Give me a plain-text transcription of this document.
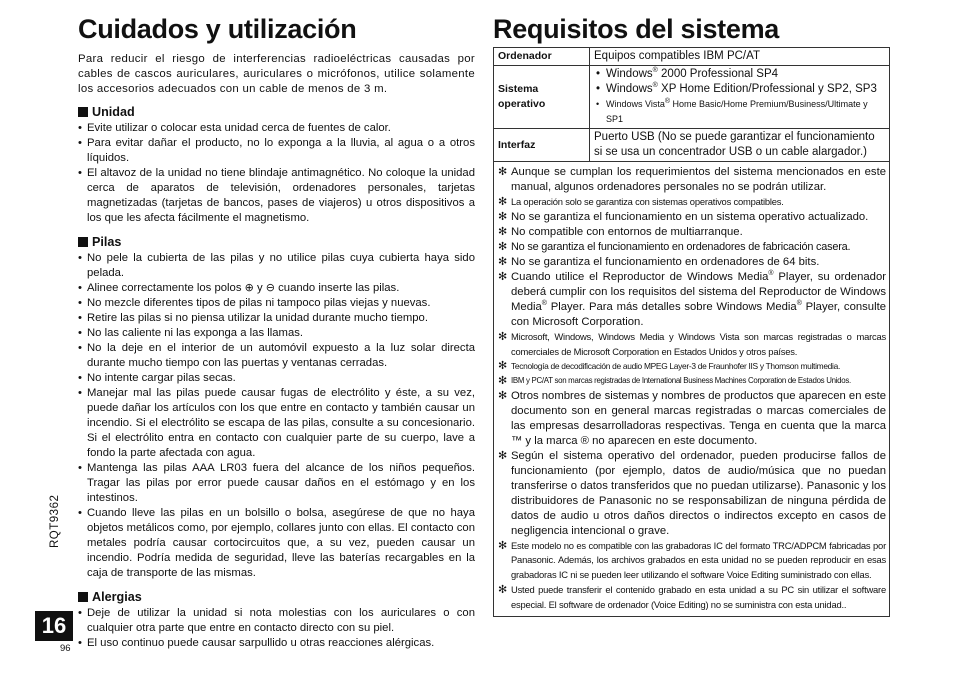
Cuidados y utilización

Para reducir el riesgo de interferencias radioeléctricas causadas por cables de cascos auriculares, auriculares o micrófonos, utilice solamente los accesorios adecuados con un cable de menos de 3 m.

Unidad
• Evite utilizar o colocar esta unidad cerca de fuentes de calor.
• Para evitar dañar el producto, no lo exponga a la lluvia, al agua o a otros líquidos.
• El altavoz de la unidad no tiene blindaje antimagnético. No coloque la unidad cerca de aparatos de televisión, ordenadores personales, tarjetas magnetizadas (tarjetas de bancos, pases de viajeros) u otros dispositivos a los que les afecta fácilmente el magnetismo.
Pilas
• No pele la cubierta de las pilas y no utilice pilas cuya cubierta haya sido pelada.
• Alinee correctamente los polos ⊕ y ⊖ cuando inserte las pilas.
• No mezcle diferentes tipos de pilas ni tampoco pilas viejas y nuevas.
• Retire las pilas si no piensa utilizar la unidad durante mucho tiempo.
• No las caliente ni las exponga a las llamas.
• No la deje en el interior de un automóvil expuesto a la luz solar directa durante mucho tiempo con las puertas y ventanas cerradas.
• No intente cargar pilas secas.
• Manejar mal las pilas puede causar fugas de electrólito y éste, a su vez, puede dañar los artículos con los que entre en contacto y también causar un incendio. Si el electrólito se escapa de las pilas, consulte a su concesionario. Si el electrólito entra en contacto con cualquier parte de su cuerpo, lave a fondo la parte afectada con agua.
• Mantenga las pilas AAA LR03 fuera del alcance de los niños pequeños. Tragar las pilas por error puede causar daños en el estómago y en los intestinos.
• Cuando lleve las pilas en un bolsillo o bolsa, asegúrese de que no haya objetos metálicos como, por ejemplo, collares junto con ellas. El contacto con metales podría causar cortocircuitos que, a su vez, pueden causar un incendio. Podría medida de seguridad, lleve las baterías recargables en la caja de transporte de las mismas.
Alergias
• Deje de utilizar la unidad si nota molestias con los auriculares o con cualquier otra parte que entre en contacto directo con su piel.
• El uso continuo puede causar sarpullido u otras reacciones alérgicas.
Requisitos del sistema
Ordenador	Equipos compatibles IBM PC/AT
Sistema operativo	• Windows® 2000 Professional SP4
• Windows® XP Home Edition/Professional y SP2, SP3
• Windows Vista® Home Basic/Home Premium/Business/Ultimate y SP1

Interfaz	Puerto USB (No se puede garantizar el funcionamiento si se usa un concentrador USB o un cable alargador.)
✻ Aunque se cumplan los requerimientos del sistema mencionados en este manual, algunos ordenadores personales no se podrán utilizar.
✻ La operación solo se garantiza con sistemas operativos compatibles.
✻ No se garantiza el funcionamiento en un sistema operativo actualizado.
✻ No compatible con entornos de multiarranque.
✻ No se garantiza el funcionamiento en ordenadores de fabricación casera.
✻ No se garantiza el funcionamiento en ordenadores de 64 bits.
✻ Cuando utilice el Reproductor de Windows Media® Player, su ordenador deberá cumplir con los requisitos del sistema del Reproductor de Windows Media® Player. Para más detalles sobre Windows Media® Player, consulte con Microsoft Corporation.
✻ Microsoft, Windows, Windows Media y Windows Vista son marcas registradas o marcas comerciales de Microsoft Corporation en Estados Unidos y otros países.
✻ Tecnología de decodificación de audio MPEG Layer-3 de Fraunhofer IIS y Thomson multimedia.
✻ IBM y PC/AT son marcas registradas de International Business Machines Corporation de Estados Unidos.
✻ Otros nombres de sistemas y nombres de productos que aparecen en este documento son en general marcas registradas o marcas comerciales de las empresas desarrolladoras respectivas. Tenga en cuenta que la marca ™ y la marca ® no aparecen en este documento.
✻ Según el sistema operativo del ordenador, pueden producirse fallos de funcionamiento (por ejemplo, datos de audio/música que no puedan transferirse o datos transferidos que no puedan utilizarse). Panasonic y los distribuidores de Panasonic no se responsabilizan de ninguna pérdida de datos de audio u otros daños directos o indirectos excepto en casos de negligencia intencional o grave.
✻ Este modelo no es compatible con las grabadoras IC del formato TRC/ADPCM fabricadas por Panasonic. Además, los archivos grabados en esta unidad no se pueden reproducir en esas grabadoras IC ni se pueden leer utilizando el software Voice Editing suministrado con ellas.
✻ Usted puede transferir el contenido grabado en esta unidad a su PC sin utilizar el software especial. El software de ordenador (Voice Editing) no se suministra con esta unidad..
RQT9362
16
96
